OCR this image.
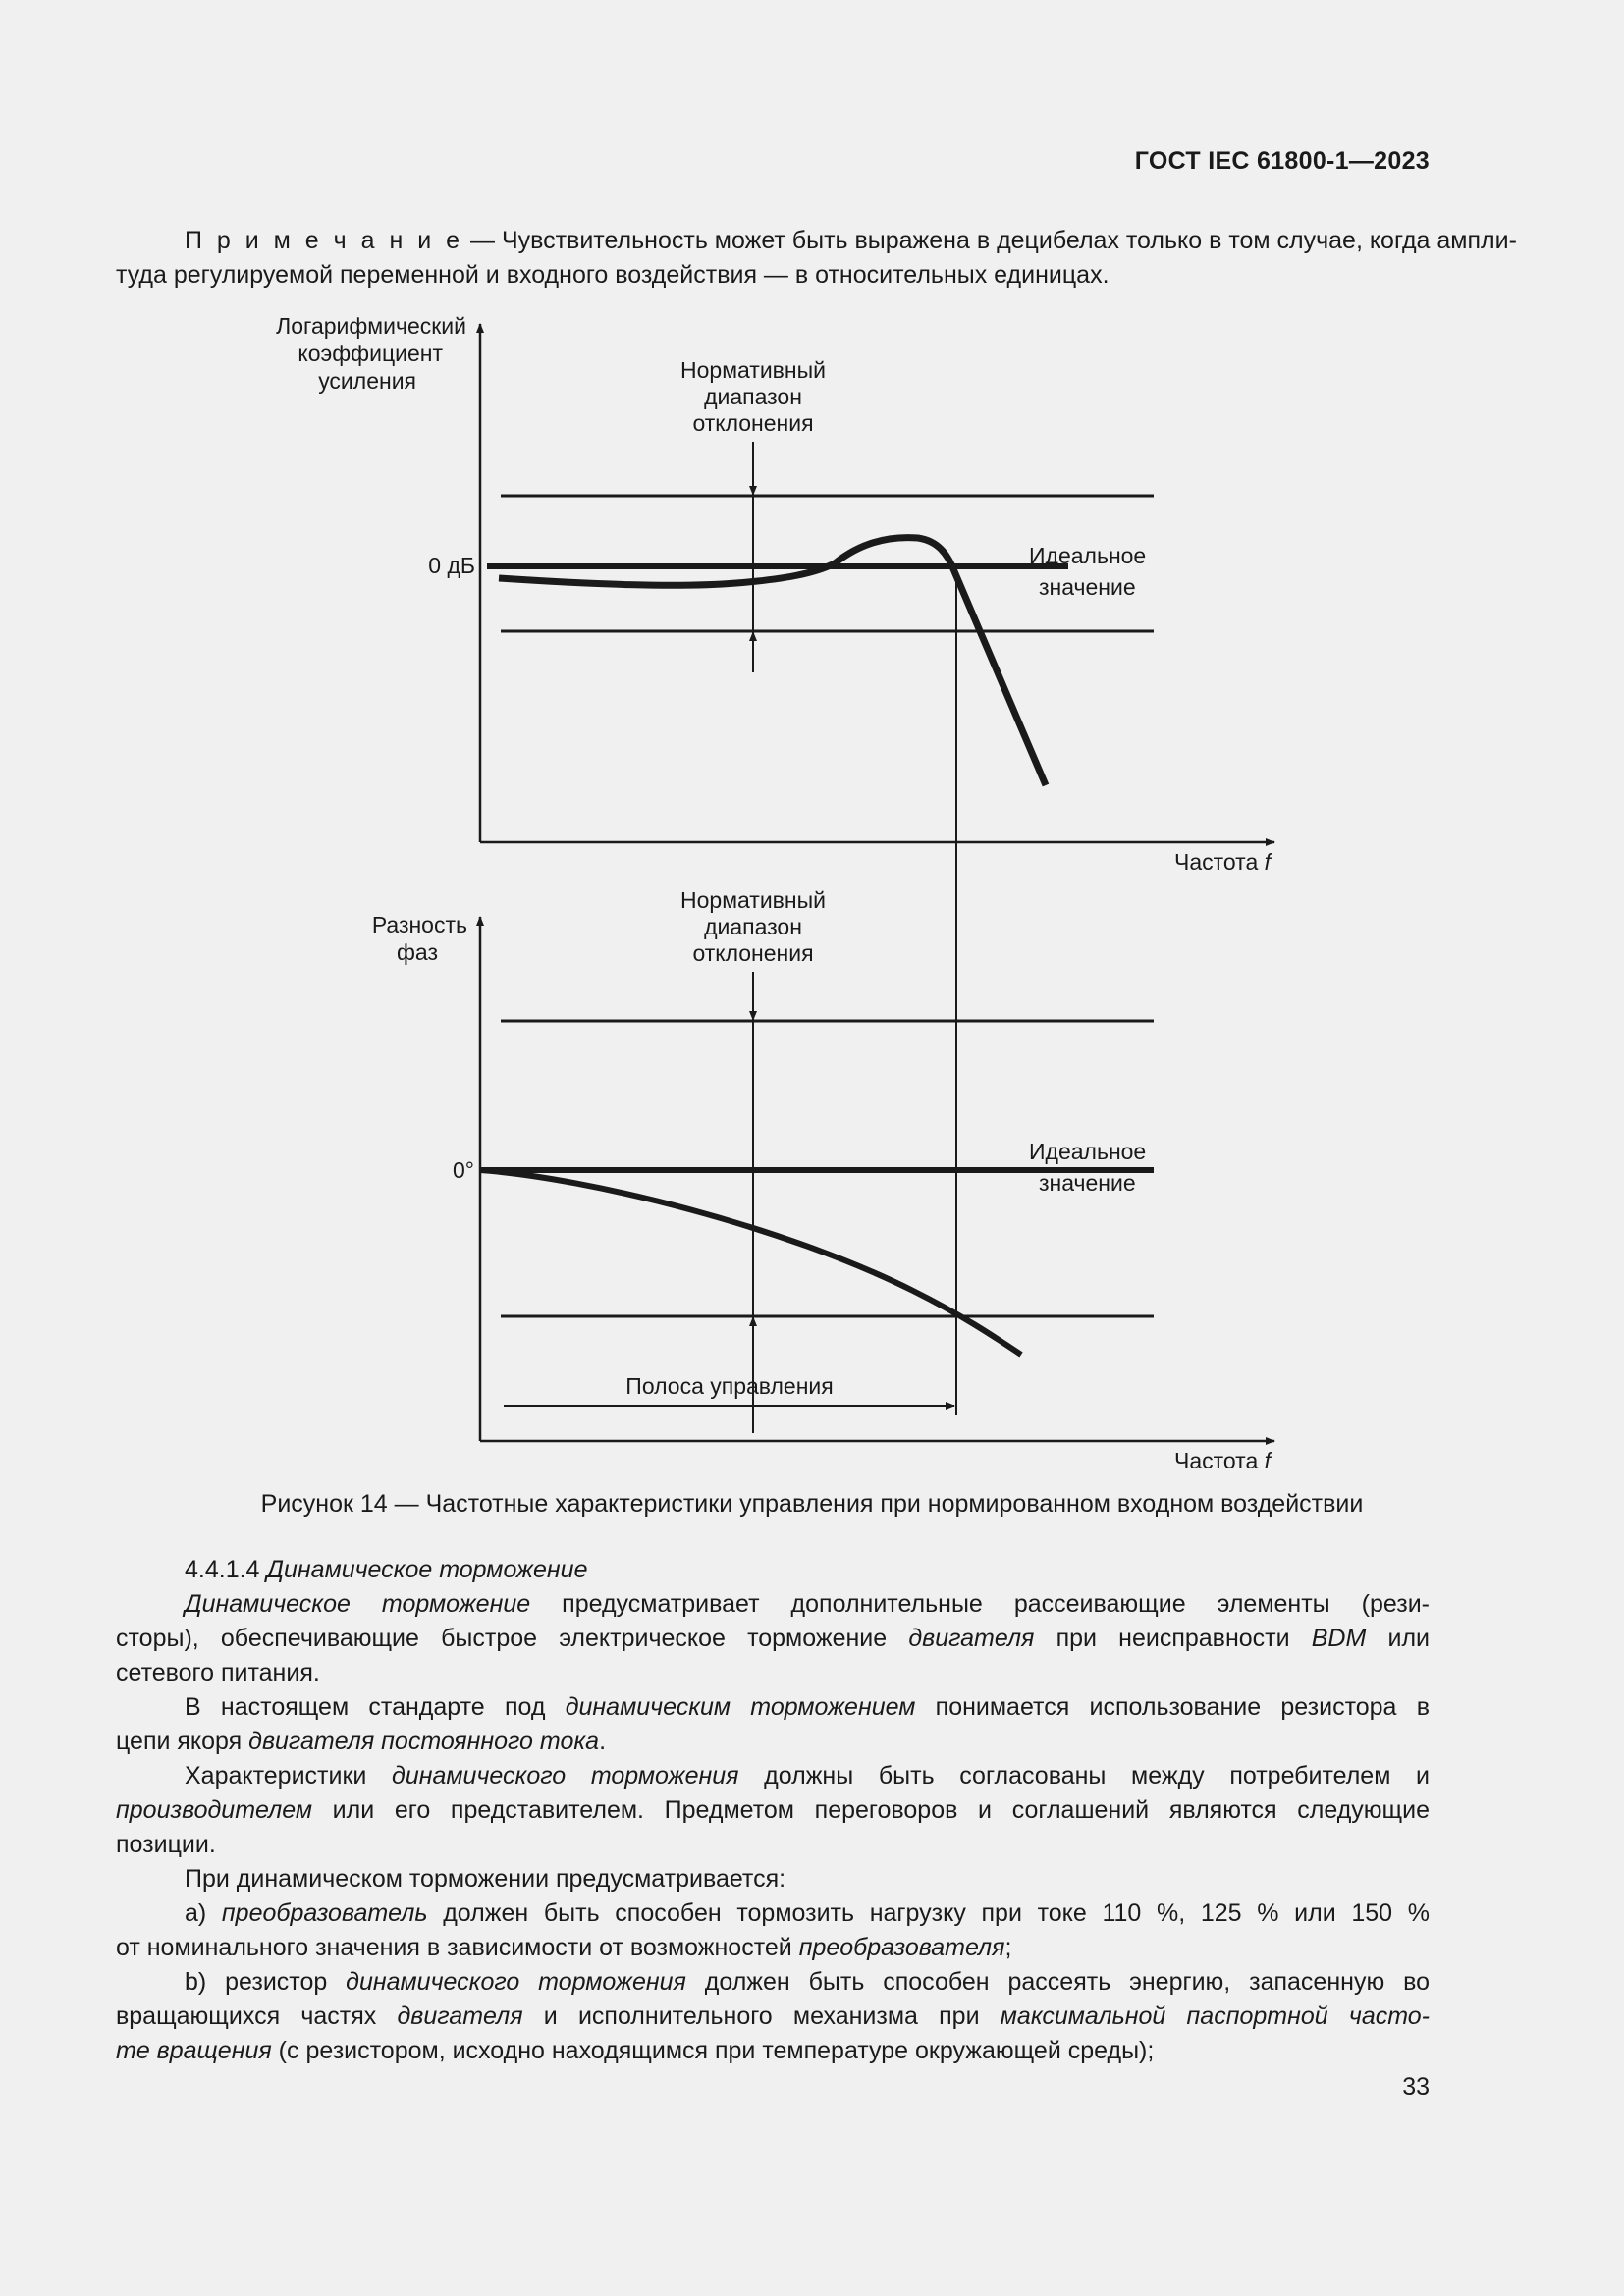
ГОСТ IEC 61800-1—2023
П р и м е ч а н и е — Чувствительность может быть выражена в децибелах только в том случае, когда ампли-
туда регулируемой переменной и входного воздействия — в относительных единицах.
Логарифмический
коэффициент
усиления
0 дБ	Идеальное
значение
Нормативный
диапазон
отклонения
Частота f
Разность
фаз
0°
Идеальное
значение
Нормативный
диапазон
отклонения
Полоса управления
Частота f
Рисунок 14 — Частотные характеристики управления при нормированном входном воздействии
4.4.1.4 Динамическое торможение
Динамическое торможение предусматривает дополнительные рассеивающие элементы (рези-
сторы), обеспечивающие быстрое электрическое торможение двигателя при неисправности BDM или
сетевого питания.
В настоящем стандарте под динамическим торможением понимается использование резистора в
цепи якоря двигателя постоянного тока.
Характеристики динамического торможения должны быть согласованы между потребителем и
производителем или его представителем. Предметом переговоров и соглашений являются следующие
позиции.
При динамическом торможении предусматривается:
a) преобразователь должен быть способен тормозить нагрузку при токе 110 %, 125 % или 150 %
от номинального значения в зависимости от возможностей преобразователя;
b) резистор динамического торможения должен быть способен рассеять энергию, запасенную во
вращающихся частях двигателя и исполнительного механизма при максимальной паспортной часто-
те вращения (с резистором, исходно находящимся при температуре окружающей среды);
33
